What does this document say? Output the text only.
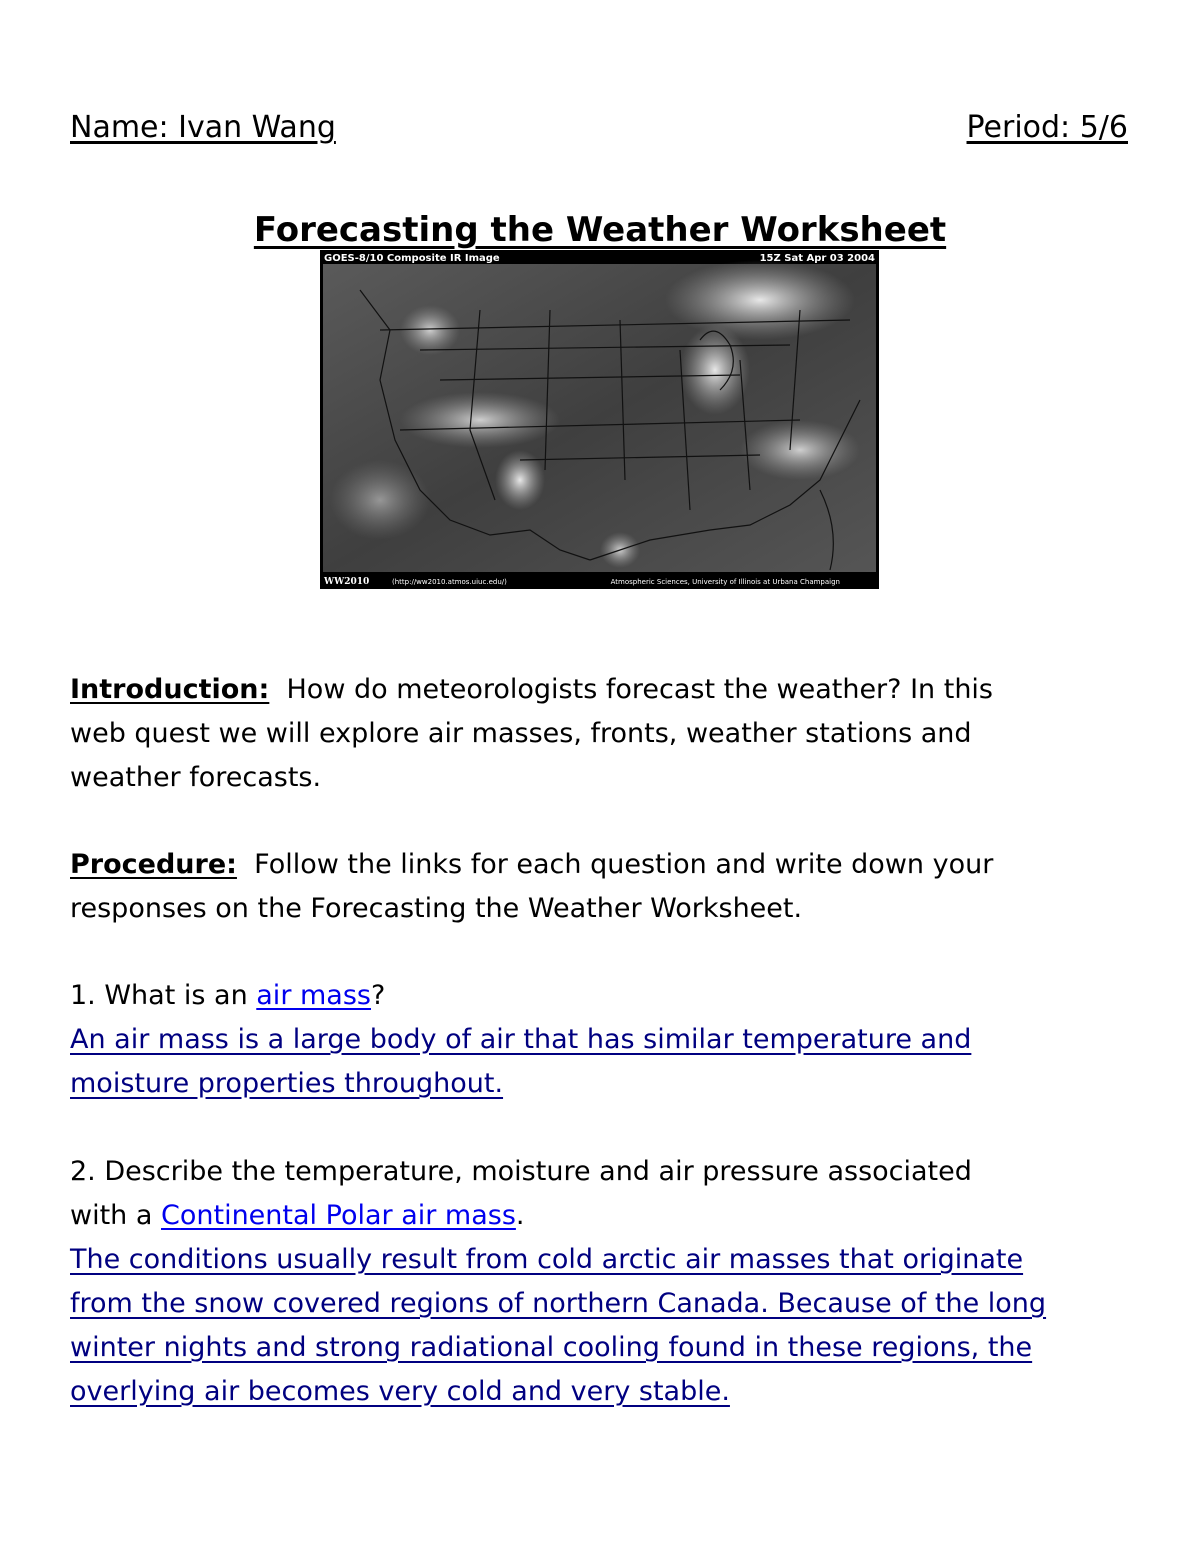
Name: Ivan Wang	Period: 5/6
Forecasting the Weather Worksheet
GOES-8/10 Composite IR Image	15Z Sat Apr 03 2004
WW2010	(http://ww2010.atmos.uiuc.edu/)	Atmospheric Sciences, University of Illinois at Urbana Champaign
Introduction: How do meteorologists forecast the weather? In this
web quest we will explore air masses, fronts, weather stations and
weather forecasts.
Procedure: Follow the links for each question and write down your
responses on the Forecasting the Weather Worksheet.
1. What is an air mass?
An air mass is a large body of air that has similar temperature and
moisture properties throughout.
2. Describe the temperature, moisture and air pressure associated
with a Continental Polar air mass.
The conditions usually result from cold arctic air masses that originate
from the snow covered regions of northern Canada. Because of the long
winter nights and strong radiational cooling found in these regions, the
overlying air becomes very cold and very stable.
